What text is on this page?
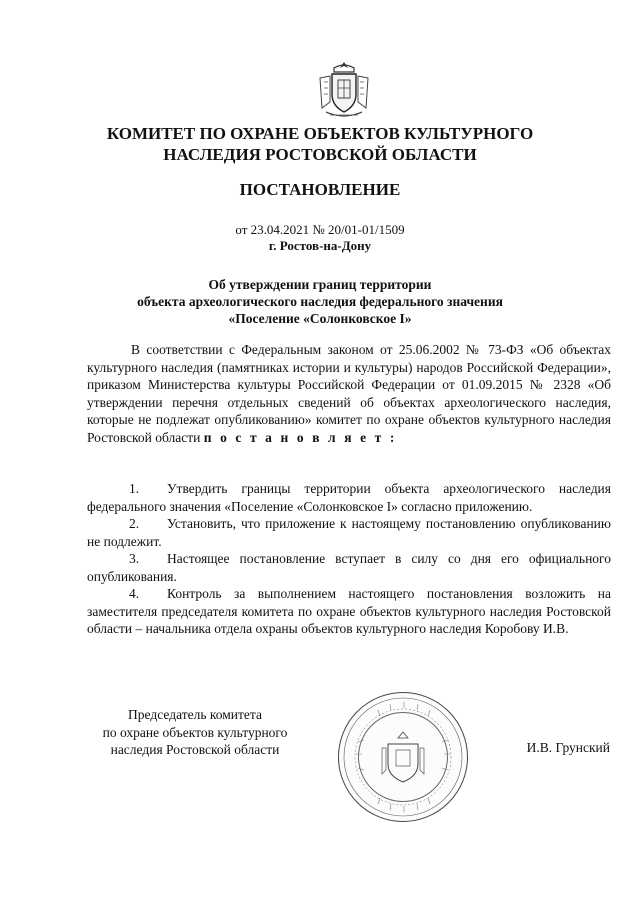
КОМИТЕТ ПО ОХРАНЕ ОБЪЕКТОВ КУЛЬТУРНОГО
НАСЛЕДИЯ РОСТОВСКОЙ ОБЛАСТИ
ПОСТАНОВЛЕНИЕ
от 23.04.2021 № 20/01-01/1509
г. Ростов-на-Дону
Об утверждении границ территории
объекта археологического наследия федерального значения
«Поселение «Солонковское I»
В соответствии с Федеральным законом от 25.06.2002 № 73-ФЗ «Об объектах культурного наследия (памятниках истории и культуры) народов Российской Федерации», приказом Министерства культуры Российской Федерации от 01.09.2015 № 2328 «Об утверждении перечня отдельных сведений об объектах археологического наследия, которые не подлежат опубликованию» комитет по охране объектов культурного наследия Ростовской области п о с т а н о в л я е т :
1. Утвердить границы территории объекта археологического наследия федерального значения «Поселение «Солонковское I» согласно приложению.
2. Установить, что приложение к настоящему постановлению опубликованию не подлежит.
3. Настоящее постановление вступает в силу со дня его официального опубликования.
4. Контроль за выполнением настоящего постановления возложить на заместителя председателя комитета по охране объектов культурного наследия Ростовской области – начальника отдела охраны объектов культурного наследия Коробову И.В.
Председатель комитета
по охране объектов культурного
наследия Ростовской области	И.В. Грунский
